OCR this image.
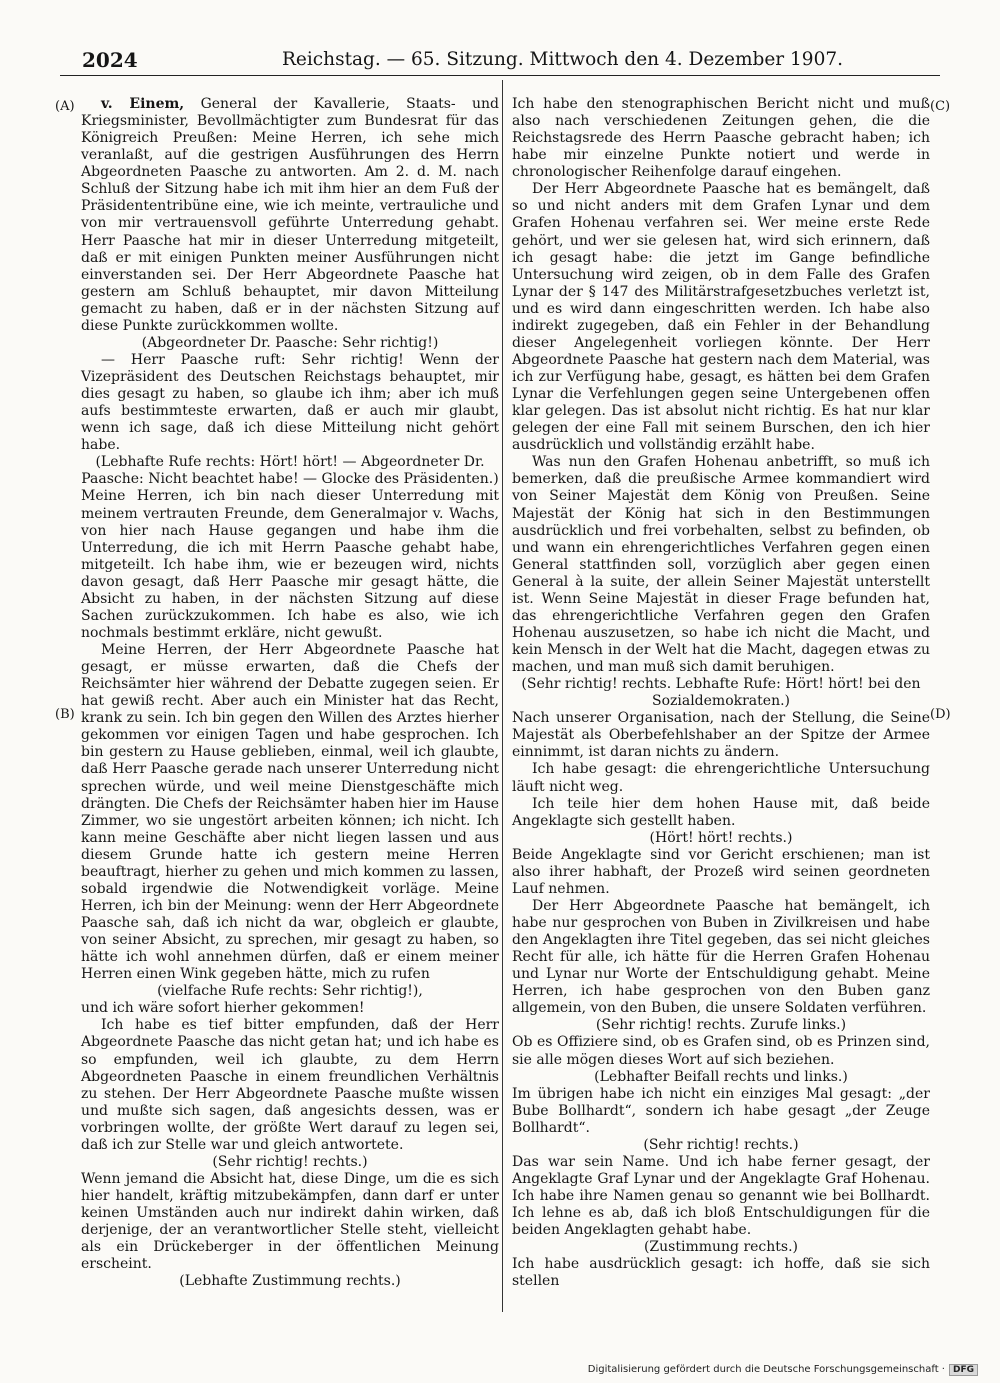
2024	Reichstag. — 65. Sitzung. Mittwoch den 4. Dezember 1907.
(A)
(B)
(C)
(D)

v. Einem, General der Kavallerie, Staats- und Kriegsminister, Bevollmächtigter zum Bundesrat für das Königreich Preußen: Meine Herren, ich sehe mich veranlaßt, auf die gestrigen Ausführungen des Herrn Abgeordneten Paasche zu antworten. Am 2. d. M. nach Schluß der Sitzung habe ich mit ihm hier an dem Fuß der Präsidententribüne eine, wie ich meinte, vertrauliche und von mir vertrauensvoll geführte Unterredung gehabt. Herr Paasche hat mir in dieser Unterredung mitgeteilt, daß er mit einigen Punkten meiner Ausführungen nicht einverstanden sei. Der Herr Abgeordnete Paasche hat gestern am Schluß behauptet, mir davon Mitteilung gemacht zu haben, daß er in der nächsten Sitzung auf diese Punkte zurückkommen wollte.

(Abgeordneter Dr. Paasche: Sehr richtig!)

— Herr Paasche ruft: Sehr richtig! Wenn der Vizepräsident des Deutschen Reichstags behauptet, mir dies gesagt zu haben, so glaube ich ihm; aber ich muß aufs bestimmteste erwarten, daß er auch mir glaubt, wenn ich sage, daß ich diese Mitteilung nicht gehört habe.

(Lebhafte Rufe rechts: Hört! hört! — Abgeordneter Dr. Paasche: Nicht beachtet habe! — Glocke des Präsidenten.)

Meine Herren, ich bin nach dieser Unterredung mit meinem vertrauten Freunde, dem Generalmajor v. Wachs, von hier nach Hause gegangen und habe ihm die Unterredung, die ich mit Herrn Paasche gehabt habe, mitgeteilt. Ich habe ihm, wie er bezeugen wird, nichts davon gesagt, daß Herr Paasche mir gesagt hätte, die Absicht zu haben, in der nächsten Sitzung auf diese Sachen zurückzukommen. Ich habe es also, wie ich nochmals bestimmt erkläre, nicht gewußt.

Meine Herren, der Herr Abgeordnete Paasche hat gesagt, er müsse erwarten, daß die Chefs der Reichsämter hier während der Debatte zugegen seien. Er hat gewiß recht. Aber auch ein Minister hat das Recht, krank zu sein. Ich bin gegen den Willen des Arztes hierher gekommen vor einigen Tagen und habe gesprochen. Ich bin gestern zu Hause geblieben, einmal, weil ich glaubte, daß Herr Paasche gerade nach unserer Unterredung nicht sprechen würde, und weil meine Dienstgeschäfte mich drängten. Die Chefs der Reichsämter haben hier im Hause Zimmer, wo sie ungestört arbeiten können; ich nicht. Ich kann meine Geschäfte aber nicht liegen lassen und aus diesem Grunde hatte ich gestern meine Herren beauftragt, hierher zu gehen und mich kommen zu lassen, sobald irgendwie die Notwendigkeit vorläge. Meine Herren, ich bin der Meinung: wenn der Herr Abgeordnete Paasche sah, daß ich nicht da war, obgleich er glaubte, von seiner Absicht, zu sprechen, mir gesagt zu haben, so hätte ich wohl annehmen dürfen, daß er einem meiner Herren einen Wink gegeben hätte, mich zu rufen

(vielfache Rufe rechts: Sehr richtig!),

und ich wäre sofort hierher gekommen!

Ich habe es tief bitter empfunden, daß der Herr Abgeordnete Paasche das nicht getan hat; und ich habe es so empfunden, weil ich glaubte, zu dem Herrn Abgeordneten Paasche in einem freundlichen Verhältnis zu stehen. Der Herr Abgeordnete Paasche mußte wissen und mußte sich sagen, daß angesichts dessen, was er vorbringen wollte, der größte Wert darauf zu legen sei, daß ich zur Stelle war und gleich antwortete.

(Sehr richtig! rechts.)

Wenn jemand die Absicht hat, diese Dinge, um die es sich hier handelt, kräftig mitzubekämpfen, dann darf er unter keinen Umständen auch nur indirekt dahin wirken, daß derjenige, der an verantwortlicher Stelle steht, vielleicht als ein Drückeberger in der öffentlichen Meinung erscheint.

(Lebhafte Zustimmung rechts.)

Ich habe den stenographischen Bericht nicht und muß also nach verschiedenen Zeitungen gehen, die die Reichstagsrede des Herrn Paasche gebracht haben; ich habe mir einzelne Punkte notiert und werde in chronologischer Reihenfolge darauf eingehen.

Der Herr Abgeordnete Paasche hat es bemängelt, daß so und nicht anders mit dem Grafen Lynar und dem Grafen Hohenau verfahren sei. Wer meine erste Rede gehört, und wer sie gelesen hat, wird sich erinnern, daß ich gesagt habe: die jetzt im Gange befindliche Untersuchung wird zeigen, ob in dem Falle des Grafen Lynar der § 147 des Militärstrafgesetzbuches verletzt ist, und es wird dann eingeschritten werden. Ich habe also indirekt zugegeben, daß ein Fehler in der Behandlung dieser Angelegenheit vorliegen könnte. Der Herr Abgeordnete Paasche hat gestern nach dem Material, was ich zur Verfügung habe, gesagt, es hätten bei dem Grafen Lynar die Verfehlungen gegen seine Untergebenen offen klar gelegen. Das ist absolut nicht richtig. Es hat nur klar gelegen der eine Fall mit seinem Burschen, den ich hier ausdrücklich und vollständig erzählt habe.

Was nun den Grafen Hohenau anbetrifft, so muß ich bemerken, daß die preußische Armee kommandiert wird von Seiner Majestät dem König von Preußen. Seine Majestät der König hat sich in den Bestimmungen ausdrücklich und frei vorbehalten, selbst zu befinden, ob und wann ein ehrengerichtliches Verfahren gegen einen General stattfinden soll, vorzüglich aber gegen einen General à la suite, der allein Seiner Majestät unterstellt ist. Wenn Seine Majestät in dieser Frage befunden hat, das ehrengerichtliche Verfahren gegen den Grafen Hohenau auszusetzen, so habe ich nicht die Macht, und kein Mensch in der Welt hat die Macht, dagegen etwas zu machen, und man muß sich damit beruhigen.

(Sehr richtig! rechts. Lebhafte Rufe: Hört! hört! bei den Sozialdemokraten.)

Nach unserer Organisation, nach der Stellung, die Seine Majestät als Oberbefehlshaber an der Spitze der Armee einnimmt, ist daran nichts zu ändern.

Ich habe gesagt: die ehrengerichtliche Untersuchung läuft nicht weg.

Ich teile hier dem hohen Hause mit, daß beide Angeklagte sich gestellt haben.

(Hört! hört! rechts.)

Beide Angeklagte sind vor Gericht erschienen; man ist also ihrer habhaft, der Prozeß wird seinen geordneten Lauf nehmen.

Der Herr Abgeordnete Paasche hat bemängelt, ich habe nur gesprochen von Buben in Zivilkreisen und habe den Angeklagten ihre Titel gegeben, das sei nicht gleiches Recht für alle, ich hätte für die Herren Grafen Hohenau und Lynar nur Worte der Entschuldigung gehabt. Meine Herren, ich habe gesprochen von den Buben ganz allgemein, von den Buben, die unsere Soldaten verführen.

(Sehr richtig! rechts. Zurufe links.)

Ob es Offiziere sind, ob es Grafen sind, ob es Prinzen sind, sie alle mögen dieses Wort auf sich beziehen.

(Lebhafter Beifall rechts und links.)

Im übrigen habe ich nicht ein einziges Mal gesagt: „der Bube Bollhardt“, sondern ich habe gesagt „der Zeuge Bollhardt“.

(Sehr richtig! rechts.)

Das war sein Name. Und ich habe ferner gesagt, der Angeklagte Graf Lynar und der Angeklagte Graf Hohenau. Ich habe ihre Namen genau so genannt wie bei Bollhardt. Ich lehne es ab, daß ich bloß Entschuldigungen für die beiden Angeklagten gehabt habe.

(Zustimmung rechts.)

Ich habe ausdrücklich gesagt: ich hoffe, daß sie sich stellen

Digitalisierung gefördert durch die Deutsche Forschungsgemeinschaft · DFG
